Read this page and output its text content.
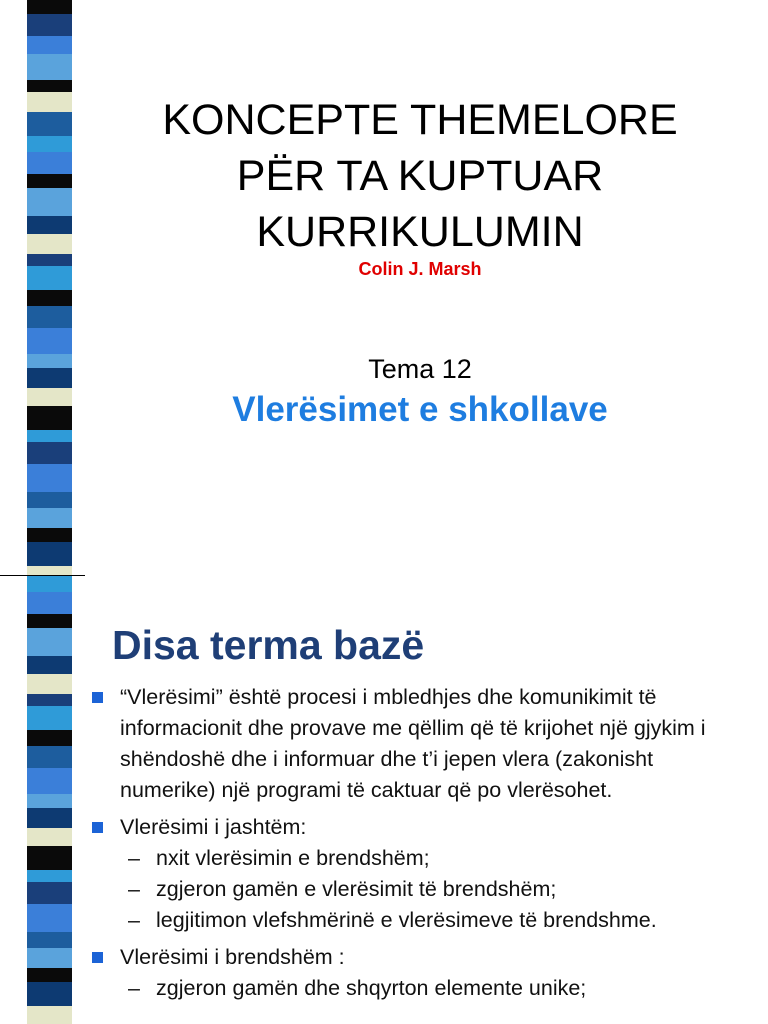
KONCEPTE THEMELORE
PËR TA KUPTUAR
KURRIKULUMIN
Colin J. Marsh
Tema 12
Vlerësimet e shkollave
Disa terma bazë
“Vlerësimi” është procesi i mbledhjes dhe komunikimit të informacionit dhe provave me qëllim që të krijohet një gjykim i shëndoshë dhe i informuar dhe t’i jepen vlera (zakonisht numerike) një programi të caktuar që po vlerësohet.
Vlerësimi i jashtëm:
– nxit vlerësimin e brendshëm;
– zgjeron gamën e vlerësimit të brendshëm;
– legjitimon vlefshmërinë e vlerësimeve të brendshme.
Vlerësimi i brendshëm :
– zgjeron gamën dhe shqyrton elemente unike;
